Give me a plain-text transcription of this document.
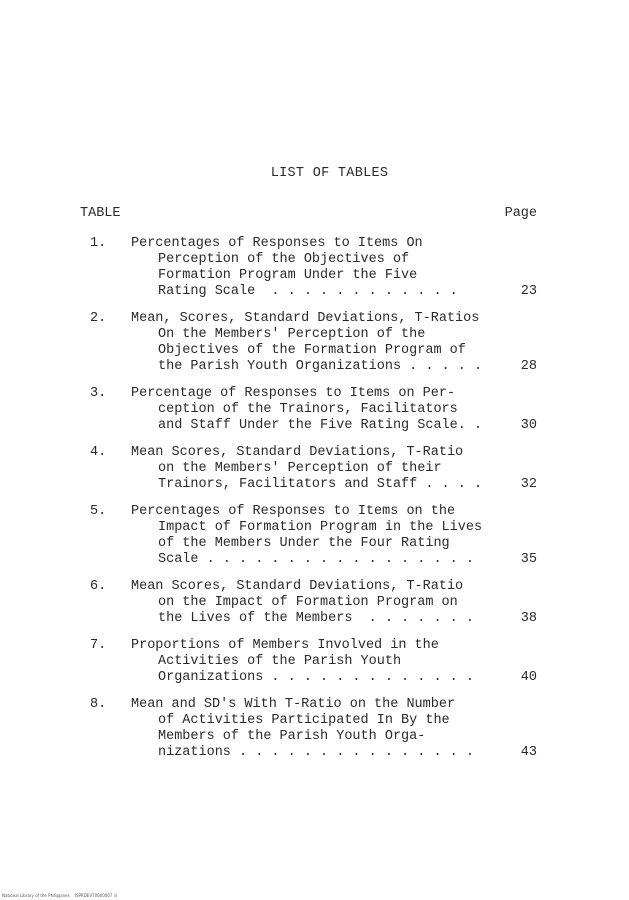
LIST OF TABLES
TABLE	Page
1.	Percentages of Responses to Items On
Perception of the Objectives of
Formation Program Under the Five
Rating Scale  . . . . . . . . . . . .	23
2.	Mean, Scores, Standard Deviations, T-Ratios
On the Members' Perception of the
Objectives of the Formation Program of
the Parish Youth Organizations . . . . .	28
3.	Percentage of Responses to Items on Per-
ception of the Trainors, Facilitators
and Staff Under the Five Rating Scale. .	30
4.	Mean Scores, Standard Deviations, T-Ratio
on the Members' Perception of their
Trainors, Facilitators and Staff . . . .	32
5.	Percentages of Responses to Items on the
Impact of Formation Program in the Lives
of the Members Under the Four Rating
Scale . . . . . . . . . . . . . . . . .	35
6.	Mean Scores, Standard Deviations, T-Ratio
on the Impact of Formation Program on
the Lives of the Members  . . . . . . .	38
7.	Proportions of Members Involved in the
Activities of the Parish Youth
Organizations . . . . . . . . . . . . .	40
8.	Mean and SD's With T-Ratio on the Number
of Activities Participated In By the
Members of the Parish Youth Orga-
nizations . . . . . . . . . . . . . . .	43
National Library of the Philippines    ISPRDEV70000007 iii
